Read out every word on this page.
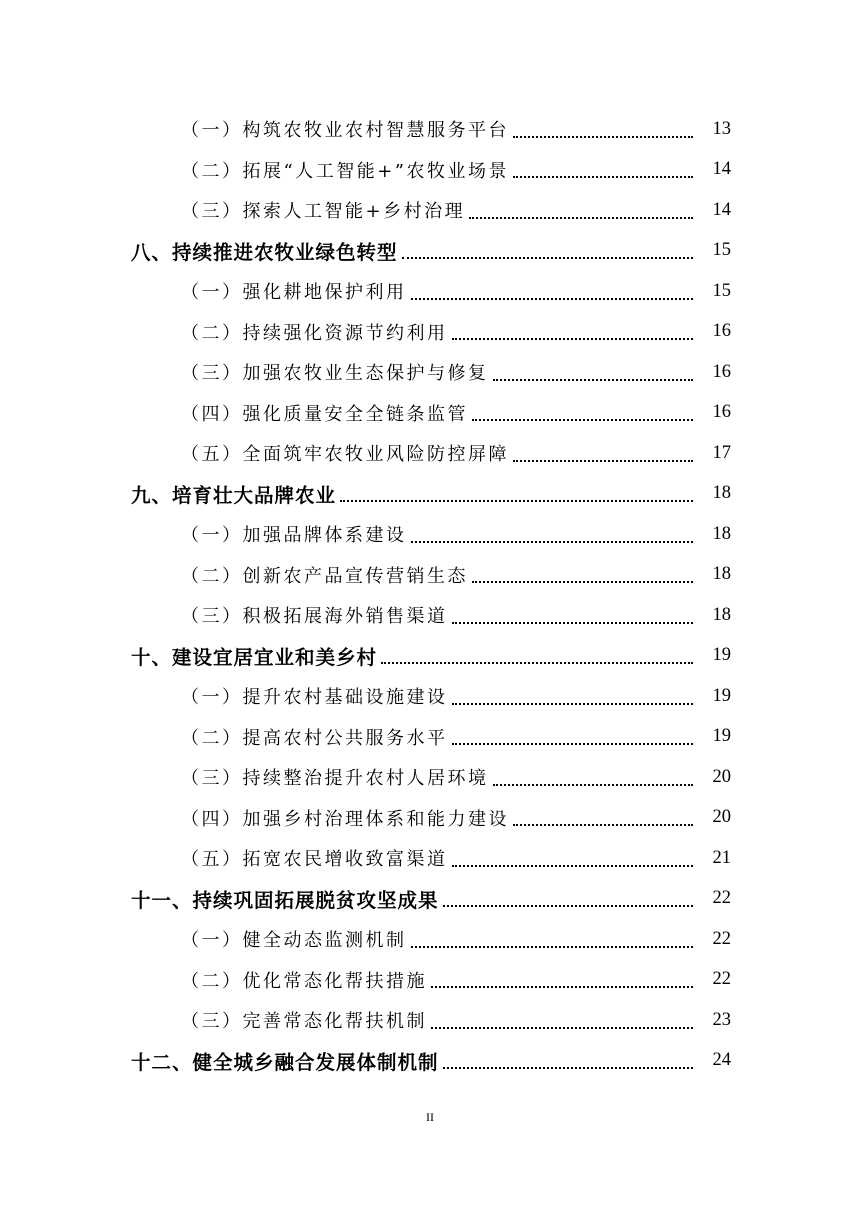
（一）构筑农牧业农村智慧服务平台	13
（二）拓展“人工智能+”农牧业场景	14
（三）探索人工智能+乡村治理	14
八、持续推进农牧业绿色转型	15
（一）强化耕地保护利用	15
（二）持续强化资源节约利用	16
（三）加强农牧业生态保护与修复	16
（四）强化质量安全全链条监管	16
（五）全面筑牢农牧业风险防控屏障	17
九、培育壮大品牌农业	18
（一）加强品牌体系建设	18
（二）创新农产品宣传营销生态	18
（三）积极拓展海外销售渠道	18
十、建设宜居宜业和美乡村	19
（一）提升农村基础设施建设	19
（二）提高农村公共服务水平	19
（三）持续整治提升农村人居环境	20
（四）加强乡村治理体系和能力建设	20
（五）拓宽农民增收致富渠道	21
十一、持续巩固拓展脱贫攻坚成果	22
（一）健全动态监测机制	22
（二）优化常态化帮扶措施	22
（三）完善常态化帮扶机制	23
十二、健全城乡融合发展体制机制	24
II
